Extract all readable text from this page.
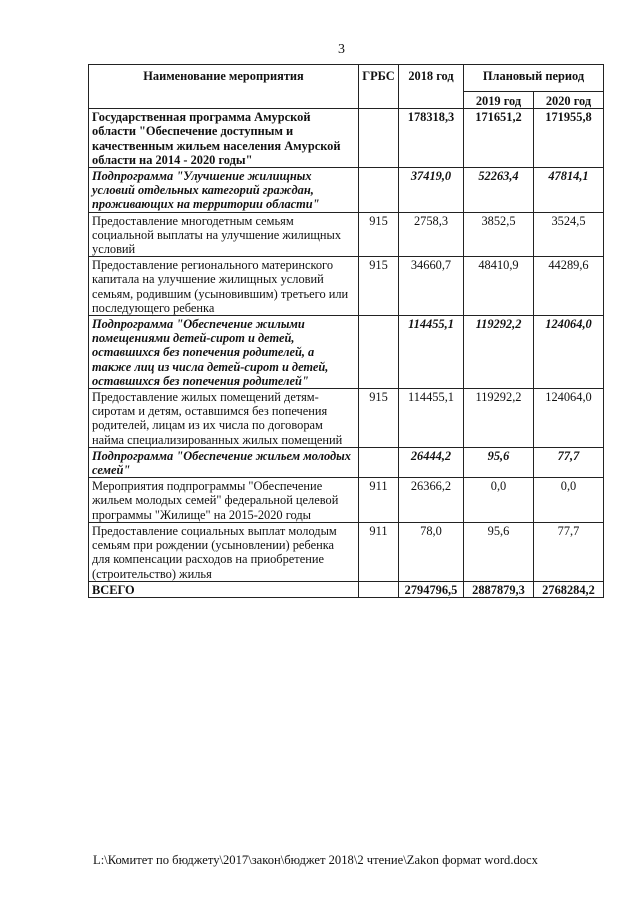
3
Наименование мероприятия	ГРБС	2018 год	Плановый период	
			2019 год	2020 год
Государственная программа Амурской области "Обеспечение доступным и качественным жильем населения Амурской области на 2014 - 2020 годы"		178318,3	171651,2	171955,8
Подпрограмма "Улучшение жилищных условий отдельных категорий граждан, проживающих на территории области"		37419,0	52263,4	47814,1
Предоставление многодетным семьям социальной выплаты на улучшение жилищных условий	915	2758,3	3852,5	3524,5
Предоставление регионального материнского капитала на улучшение жилищных условий семьям, родившим (усыновившим) третьего или последующего ребенка	915	34660,7	48410,9	44289,6
Подпрограмма "Обеспечение жилыми помещениями детей-сирот и детей, оставшихся без попечения родителей, а также лиц из числа детей-сирот и детей, оставшихся без попечения родителей"		114455,1	119292,2	124064,0
Предоставление жилых помещений детям-сиротам и детям, оставшимся без попечения родителей, лицам из их числа по договорам найма специализированных жилых помещений	915	114455,1	119292,2	124064,0
Подпрограмма "Обеспечение жильем молодых семей"		26444,2	95,6	77,7
Мероприятия подпрограммы "Обеспечение жильем молодых семей" федеральной целевой программы "Жилище" на 2015-2020 годы	911	26366,2	0,0	0,0
Предоставление социальных выплат молодым семьям при рождении (усыновлении) ребенка для компенсации расходов на приобретение (строительство) жилья	911	78,0	95,6	77,7
ВСЕГО		2794796,5	2887879,3	2768284,2
L:\Комитет по бюджету\2017\закон\бюджет 2018\2 чтение\Zakon формат word.docx
